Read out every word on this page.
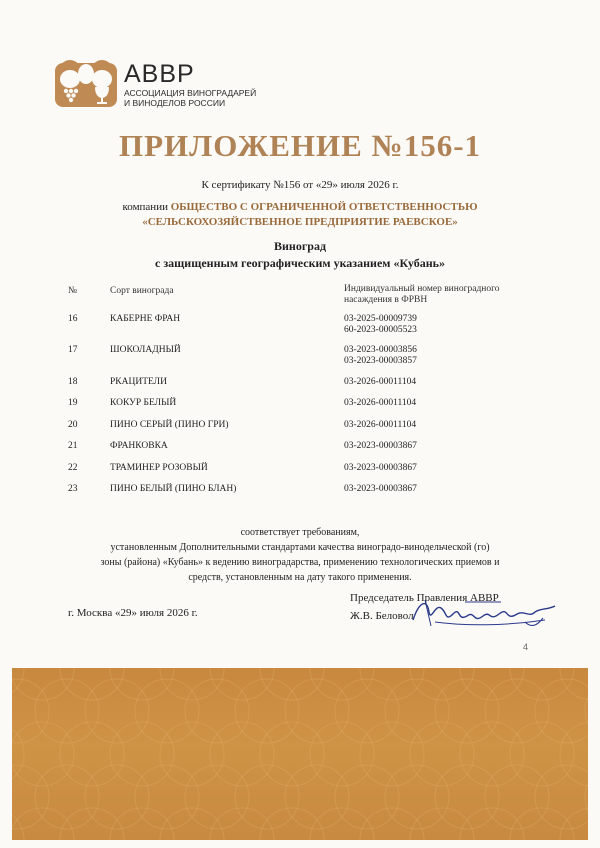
АВВР
АССОЦИАЦИЯ ВИНОГРАДАРЕЙ
И ВИНОДЕЛОВ РОССИИ
ПРИЛОЖЕНИЕ №156-1
К сертификату №156 от «29» июля 2026 г.
компании ОБЩЕСТВО С ОГРАНИЧЕННОЙ ОТВЕТСТВЕННОСТЬЮ
«СЕЛЬСКОХОЗЯЙСТВЕННОЕ ПРЕДПРИЯТИЕ РАЕВСКОЕ»
Виноград
с защищенным географическим указанием «Кубань»
№	Сорт винограда	Индивидуальный номер виноградного
насаждения в ФРВН
16	КАБЕРНЕ ФРАН	03-2025-00009739
60-2023-00005523
17	ШОКОЛАДНЫЙ	03-2023-00003856
03-2023-00003857
18	РКАЦИТЕЛИ	03-2026-00011104
19	КОКУР БЕЛЫЙ	03-2026-00011104
20	ПИНО СЕРЫЙ (ПИНО ГРИ)	03-2026-00011104
21	ФРАНКОВКА	03-2023-00003867
22	ТРАМИНЕР РОЗОВЫЙ	03-2023-00003867
23	ПИНО БЕЛЫЙ (ПИНО БЛАН)	03-2023-00003867
соответствует требованиям,
установленным Дополнительными стандартами качества виноградо-винодельческой (го)
зоны (района) «Кубань» к ведению виноградарства, применению технологических приемов и
средств, установленным на дату такого применения.
г. Москва «29» июля 2026 г.
Председатель Правления АВВР
Ж.В. Беловол
4
